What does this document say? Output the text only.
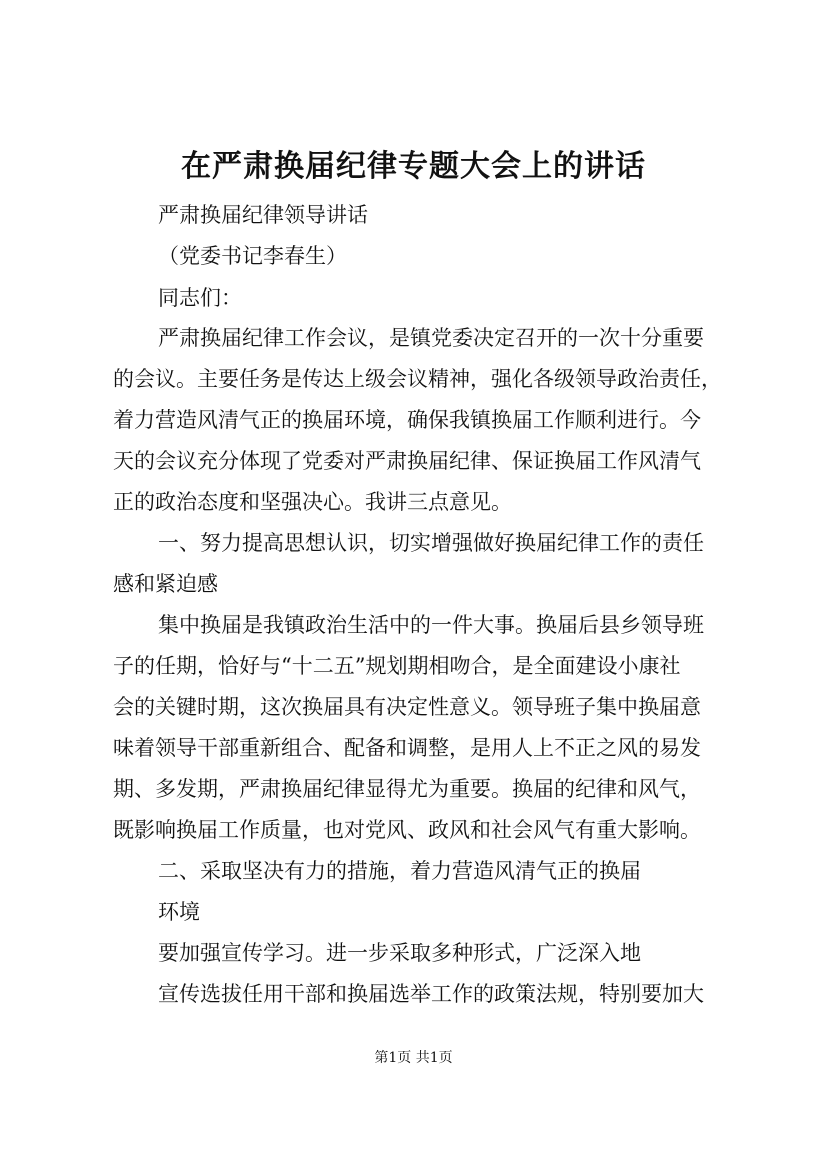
在严肃换届纪律专题大会上的讲话
严肃换届纪律领导讲话
（党委书记李春生）
同志们：
严肃换届纪律工作会议，是镇党委决定召开的一次十分重要
的会议。主要任务是传达上级会议精神，强化各级领导政治责任，
着力营造风清气正的换届环境，确保我镇换届工作顺利进行。今
天的会议充分体现了党委对严肃换届纪律、保证换届工作风清气
正的政治态度和坚强决心。我讲三点意见。
一、努力提高思想认识，切实增强做好换届纪律工作的责任
感和紧迫感
集中换届是我镇政治生活中的一件大事。换届后县乡领导班
子的任期，恰好与“十二五”规划期相吻合，是全面建设小康社
会的关键时期，这次换届具有决定性意义。领导班子集中换届意
味着领导干部重新组合、配备和调整，是用人上不正之风的易发
期、多发期，严肃换届纪律显得尤为重要。换届的纪律和风气，
既影响换届工作质量，也对党风、政风和社会风气有重大影响。
二、采取坚决有力的措施，着力营造风清气正的换届
环境
要加强宣传学习。进一步采取多种形式，广泛深入地
宣传选拔任用干部和换届选举工作的政策法规，特别要加大
第1页 共1页
